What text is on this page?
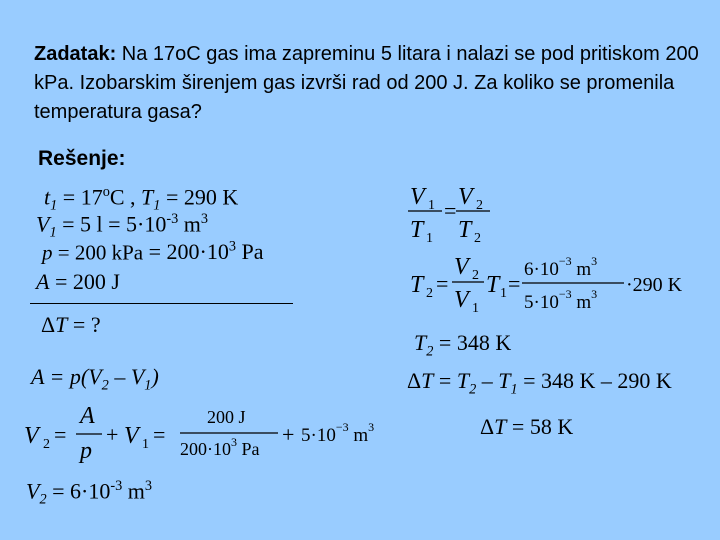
Zadatak: Na 17oC gas ima zapreminu 5 litara i nalazi se pod pritiskom 200 kPa. Izobarskim širenjem gas izvrši rad od 200 J. Za koliko se promenila temperatura gasa?
Rešenje:
$t_1 = 17^oC$ , $T_1 = 290$ K
$V_1 = 5$ $l = 5\cdot 10^{-3}$ $m^3$
p = 200 kPa = $200\cdot 10^3$ Pa
A = 200 J
ΔT = ?
$A = p(V_2 - V_1)$
V 2 =
A
p
+ V 1 =
200 J
$200\cdot 10^3$ Pa
+ $5\cdot 10^{-3}$ $m^3$
$V_2 = 6\cdot 10^{-3}$ $m^3$
V 1
T 1
=
V 2
T 2
T 2 =
V 2
V 1
T 1 =
$6\cdot 10^{-3}$ $m^3$
$5\cdot 10^{-3}$ $m^3 \cdot 290$ K
$T_2 = 348$ K
$\Delta T = T_2 - T_1 = 348$ K – 290 K
ΔT = 58 K
